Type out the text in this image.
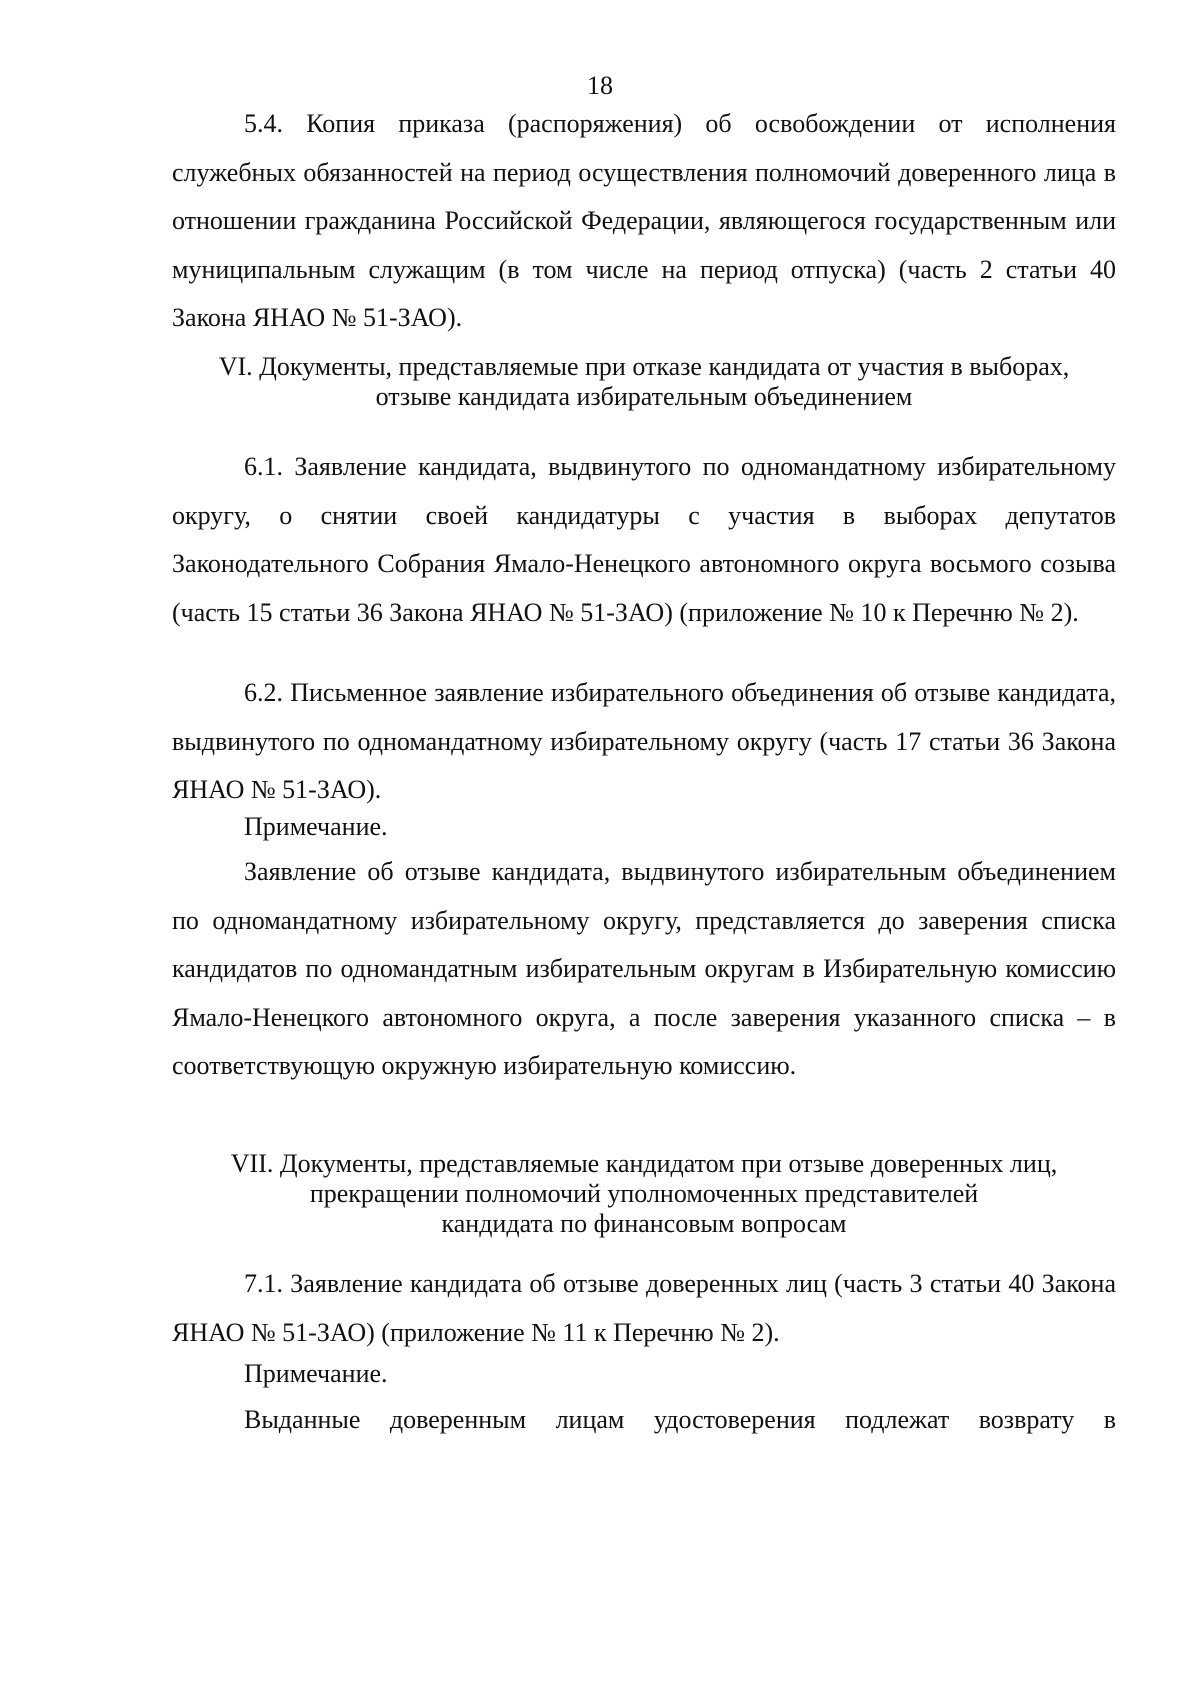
18

5.4. Копия приказа (распоряжения) об освобождении от исполнения служебных обязанностей на период осуществления полномочий доверенного лица в отношении гражданина Российской Федерации, являющегося государственным или муниципальным служащим (в том числе на период отпуска) (часть 2 статьи 40 Закона ЯНАО № 51-ЗАО).

VI. Документы, представляемые при отказе кандидата от участия в выборах,
отзыве кандидата избирательным объединением

6.1. Заявление кандидата, выдвинутого по одномандатному избирательному округу, о снятии своей кандидатуры с участия в выборах депутатов Законодательного Собрания Ямало-Ненецкого автономного округа восьмого созыва (часть 15 статьи 36 Закона ЯНАО № 51-ЗАО) (приложение № 10 к Перечню № 2).

6.2. Письменное заявление избирательного объединения об отзыве кандидата, выдвинутого по одномандатному избирательному округу (часть 17 статьи 36 Закона ЯНАО № 51-ЗАО).

Примечание.

Заявление об отзыве кандидата, выдвинутого избирательным объединением по одномандатному избирательному округу, представляется до заверения списка кандидатов по одномандатным избирательным округам в Избирательную комиссию Ямало-Ненецкого автономного округа, а после заверения указанного списка – в соответствующую окружную избирательную комиссию.

VII. Документы, представляемые кандидатом при отзыве доверенных лиц,
прекращении полномочий уполномоченных представителей
кандидата по финансовым вопросам

7.1. Заявление кандидата об отзыве доверенных лиц (часть 3 статьи 40 Закона ЯНАО № 51-ЗАО) (приложение № 11 к Перечню № 2).

Примечание.

Выданные доверенным лицам удостоверения подлежат возврату в
